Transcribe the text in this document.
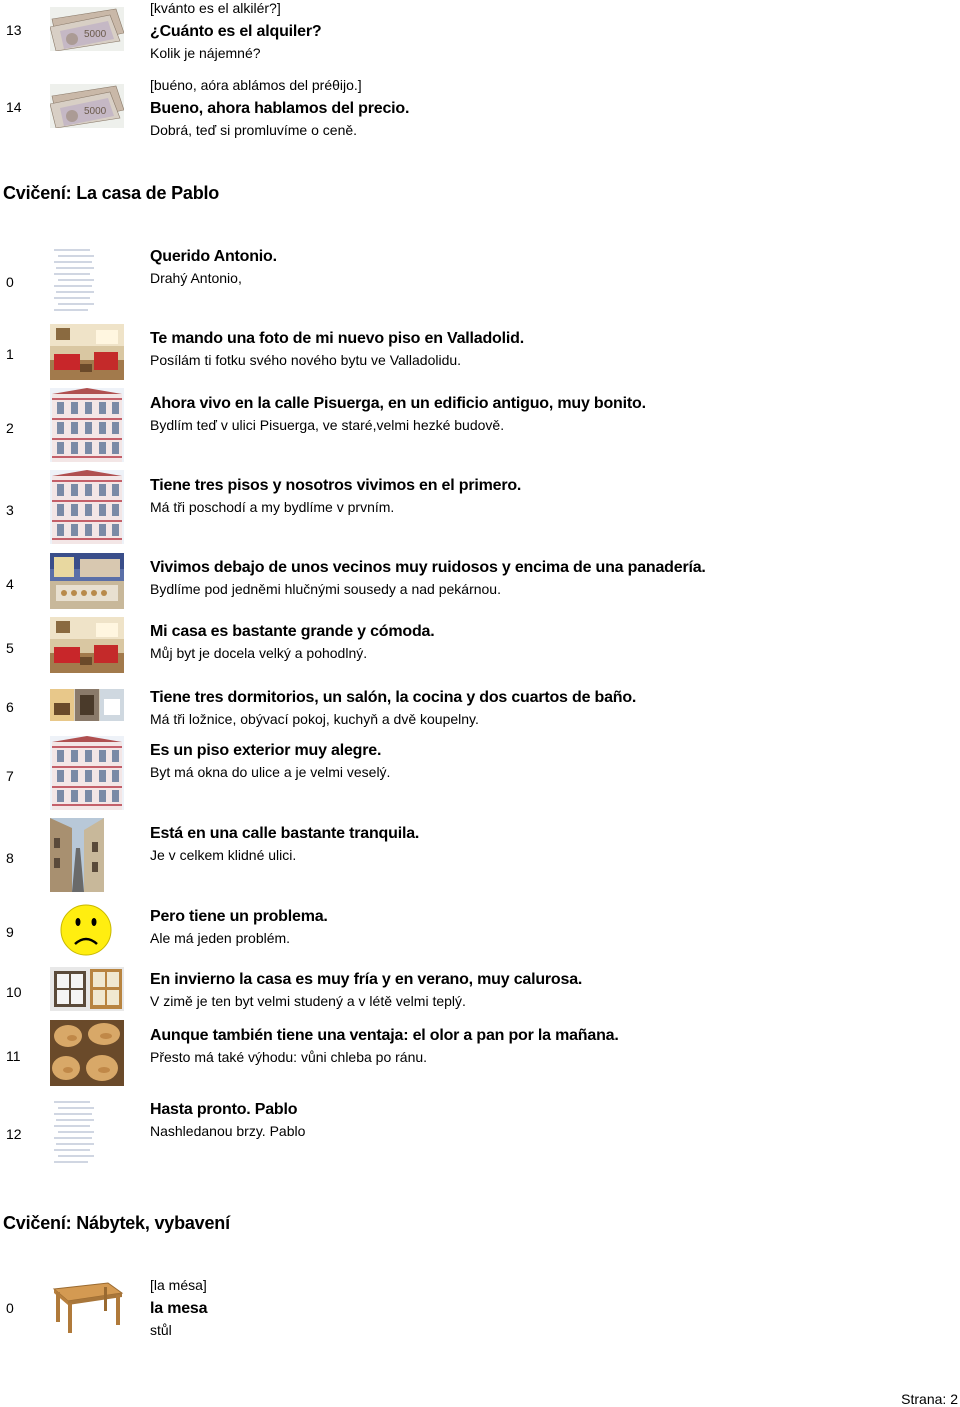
13
[kvánto es el alkilér?]
¿Cuánto es el alquiler?
Kolik je nájemné?
14
[buéno, aóra ablámos del préθijo.]
Bueno, ahora hablamos del precio.
Dobrá, teď si promluvíme o ceně.
Cvičení: La casa de Pablo
0
Querido Antonio.
Drahý Antonio,
1
Te mando una foto de mi nuevo piso en Valladolid.
Posílám ti fotku svého nového bytu ve Valladolidu.
2
Ahora vivo en la calle Pisuerga, en un edificio antiguo, muy bonito.
Bydlím teď v ulici Pisuerga, ve staré,velmi hezké budově.
3
Tiene tres pisos y nosotros vivimos en el primero.
Má tři poschodí a my bydlíme v prvním.
4
Vivimos debajo de unos vecinos muy ruidosos y encima de una panadería.
Bydlíme pod jedněmi hlučnými sousedy a nad pekárnou.
5
Mi casa es bastante grande y cómoda.
Můj byt je docela velký a pohodlný.
6
Tiene tres dormitorios, un salón, la cocina y dos cuartos de baño.
Má tři ložnice, obývací pokoj, kuchyň a dvě koupelny.
7
Es un piso exterior muy alegre.
Byt má okna do ulice a je velmi veselý.
8
Está en una calle bastante tranquila.
Je v celkem klidné ulici.
9
Pero tiene un problema.
Ale má jeden problém.
10
En invierno la casa es muy fría y en verano, muy calurosa.
V zimě je ten byt velmi studený a v létě velmi teplý.
11
Aunque también tiene una ventaja: el olor a pan por la mañana.
Přesto má také výhodu: vůni chleba po ránu.
12
Hasta pronto. Pablo
Nashledanou brzy. Pablo
Cvičení: Nábytek, vybavení
0
[la mésa]
la mesa
stůl
Strana: 2
